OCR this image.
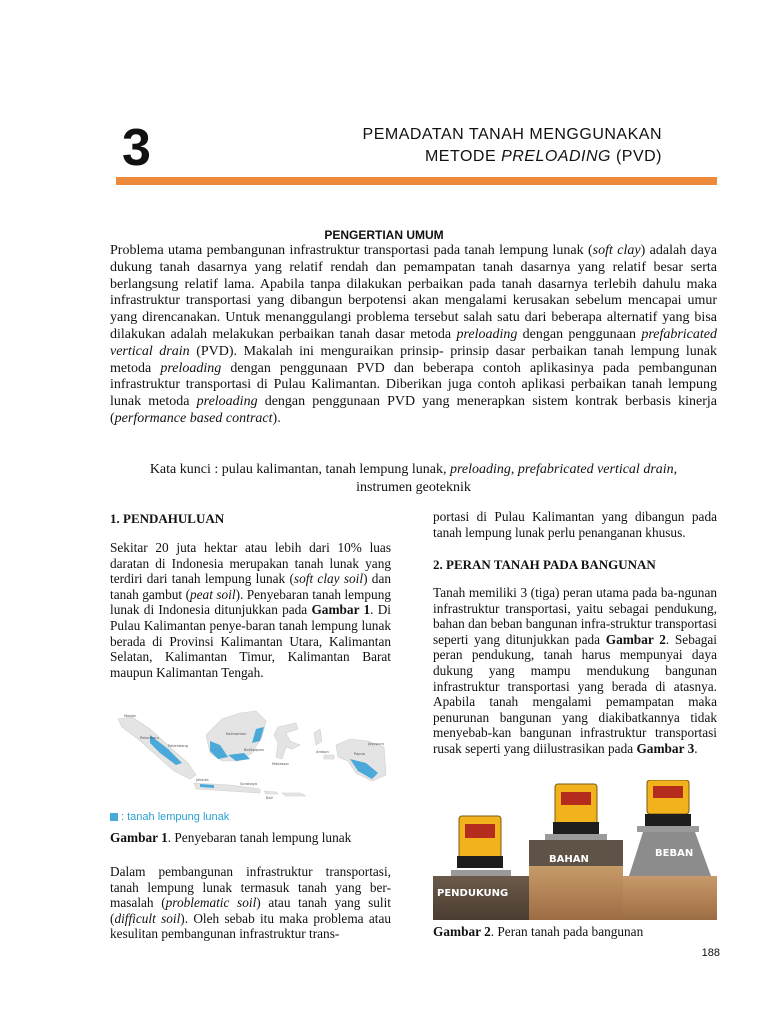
3	PEMADATAN TANAH MENGGUNAKAN
METODE PRELOADING (PVD)
PENGERTIAN UMUM
Problema utama pembangunan infrastruktur transportasi pada tanah lempung lunak (soft clay) adalah daya dukung tanah dasarnya yang relatif rendah dan pemampatan tanah dasarnya yang relatif besar serta berlangsung relatif lama. Apabila tanpa dilakukan perbaikan pada tanah dasarnya terlebih dahulu maka infrastruktur transportasi yang dibangun berpotensi akan mengalami kerusakan sebelum mencapai umur yang direncanakan. Untuk menanggulangi problema tersebut salah satu dari beberapa alternatif yang bisa dilakukan adalah melakukan perbaikan tanah dasar metoda preloading dengan penggunaan prefabricated vertical drain (PVD). Makalah ini menguraikan prinsip- prinsip dasar perbaikan tanah lempung lunak metoda preloading dengan penggunaan PVD dan beberapa contoh aplikasinya pada pembangunan infrastruktur transportasi di Pulau Kalimantan. Diberikan juga contoh aplikasi perbaikan tanah lempung lunak metoda preloading dengan penggunaan PVD yang menerapkan sistem kontrak berbasis kinerja (performance based contract).
Kata kunci : pulau kalimantan, tanah lempung lunak, preloading, prefabricated vertical drain,
instrumen geoteknik
1. PENDAHULUAN
Sekitar 20 juta hektar atau lebih dari 10% luas daratan di Indonesia merupakan tanah lunak yang terdiri dari tanah lempung lunak (soft clay soil) dan tanah gambut (peat soil). Penyebaran tanah lempung lunak di Indonesia ditunjukkan pada Gambar 1. Di Pulau Kalimantan penye-baran tanah lempung lunak berada di Provinsi Kalimantan Utara, Kalimantan Selatan, Kalimantan Timur, Kalimantan Barat maupun Kalimantan Tengah.
Medan
Pekanbaru
Palembang
Jakarta
Surabaya
Bali
Kalimantan
Balikpapan
Makassar
Papua
Ambon
Jayapura
: tanah lempung lunak
Gambar 1. Penyebaran tanah lempung lunak
Dalam pembangunan infrastruktur transportasi, tanah lempung lunak termasuk tanah yang ber-masalah (problematic soil) atau tanah yang sulit (difficult soil). Oleh sebab itu maka problema atau kesulitan pembangunan infrastruktur trans-
portasi di Pulau Kalimantan yang dibangun pada tanah lempung lunak perlu penanganan khusus.
2. PERAN TANAH PADA BANGUNAN
Tanah memiliki 3 (tiga) peran utama pada ba-ngunan infrastruktur transportasi, yaitu sebagai pendukung, bahan dan beban bangunan infra-struktur transportasi seperti yang ditunjukkan pada Gambar 2. Sebagai peran pendukung, tanah harus mempunyai daya dukung yang mampu mendukung bangunan infrastruktur transportasi yang berada di atasnya. Apabila tanah mengalami pemampatan maka penurunan bangunan yang diakibatkannya tidak menyebab-kan bangunan infrastruktur transportasi rusak seperti yang diilustrasikan pada Gambar 3.
PENDUKUNG
BAHAN
BEBAN
Gambar 2. Peran tanah pada bangunan
188
